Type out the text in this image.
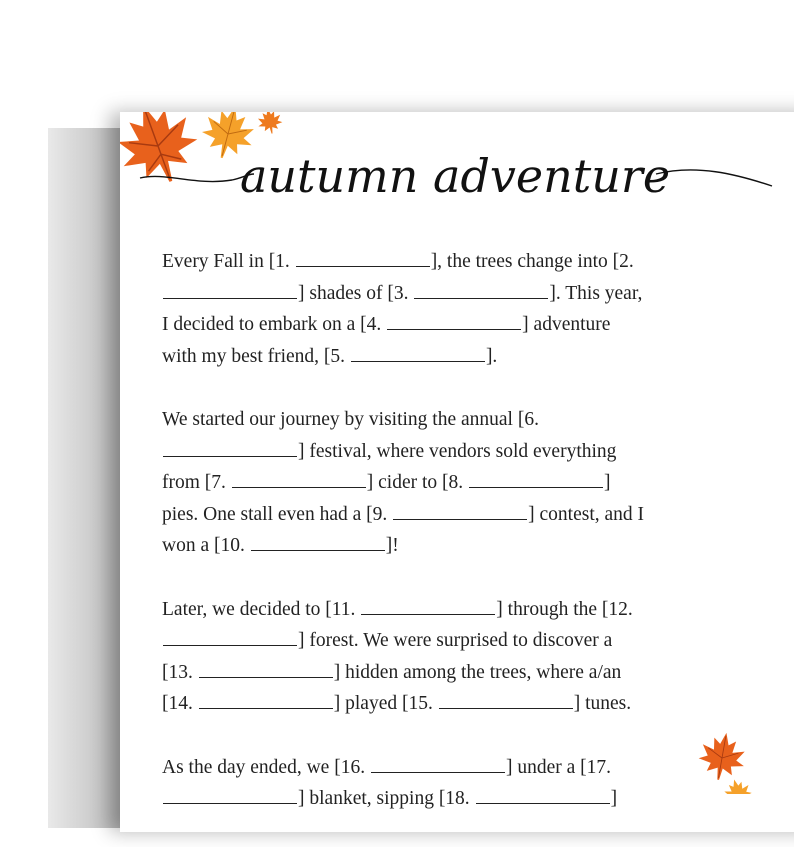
autumn adventure

Every Fall in [1.	], the trees change into [2.
] shades of [3.	]. This year,
I decided to embark on a [4.	] adventure
with my best friend, [5.	].

We started our journey by visiting the annual [6.
] festival, where vendors sold everything
from [7.	] cider to [8.	]
pies. One stall even had a [9.	] contest, and I
won a [10.	]!

Later, we decided to [11.	] through the [12.
] forest. We were surprised to discover a
[13.	] hidden among the trees, where a/an
[14.	] played [15.	] tunes.

As the day ended, we [16.	] under a [17.
] blanket, sipping [18.	]
